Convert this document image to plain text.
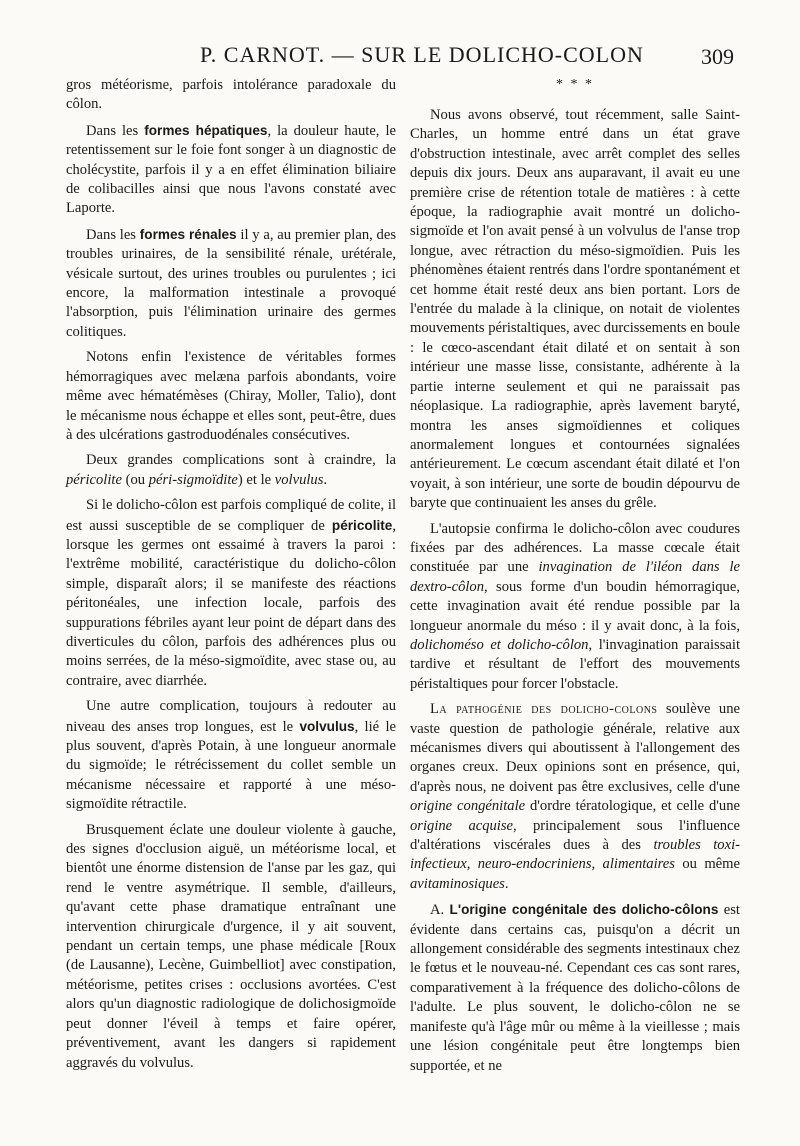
P. CARNOT. — SUR LE DOLICHO-COLON	309

gros météorisme, parfois intolérance paradoxale du côlon.

Dans les formes hépatiques, la douleur haute, le retentissement sur le foie font songer à un diagnostic de cholécystite, parfois il y a en effet élimination biliaire de colibacilles ainsi que nous l'avons constaté avec Laporte.

Dans les formes rénales il y a, au premier plan, des troubles urinaires, de la sensibilité rénale, urétérale, vésicale surtout, des urines troubles ou purulentes ; ici encore, la malformation intestinale a provoqué l'absorption, puis l'élimination urinaire des germes colitiques.

Notons enfin l'existence de véritables formes hémorragiques avec melæna parfois abondants, voire même avec hématémèses (Chiray, Moller, Talio), dont le mécanisme nous échappe et elles sont, peut-être, dues à des ulcérations gastroduodénales consécutives.

Deux grandes complications sont à craindre, la péricolite (ou péri-sigmoïdite) et le volvulus.

Si le dolicho-côlon est parfois compliqué de colite, il est aussi susceptible de se compliquer de péricolite, lorsque les germes ont essaimé à travers la paroi : l'extrême mobilité, caractéristique du dolicho-côlon simple, disparaît alors; il se manifeste des réactions péritonéales, une infection locale, parfois des suppurations fébriles ayant leur point de départ dans des diverticules du côlon, parfois des adhérences plus ou moins serrées, de la méso-sigmoïdite, avec stase ou, au contraire, avec diarrhée.

Une autre complication, toujours à redouter au niveau des anses trop longues, est le volvulus, lié le plus souvent, d'après Potain, à une longueur anormale du sigmoïde; le rétrécissement du collet semble un mécanisme nécessaire et rapporté à une méso-sigmoïdite rétractile.

Brusquement éclate une douleur violente à gauche, des signes d'occlusion aiguë, un météorisme local, et bientôt une énorme distension de l'anse par les gaz, qui rend le ventre asymétrique. Il semble, d'ailleurs, qu'avant cette phase dramatique entraînant une intervention chirurgicale d'urgence, il y ait souvent, pendant un certain temps, une phase médicale [Roux (de Lausanne), Lecène, Guimbelliot] avec constipation, météorisme, petites crises : occlusions avortées. C'est alors qu'un diagnostic radiologique de dolichosigmoïde peut donner l'éveil à temps et faire opérer, préventivement, avant les dangers si rapidement aggravés du volvulus.

* * *

Nous avons observé, tout récemment, salle Saint-Charles, un homme entré dans un état grave d'obstruction intestinale, avec arrêt complet des selles depuis dix jours. Deux ans auparavant, il avait eu une première crise de rétention totale de matières : à cette époque, la radiographie avait montré un dolicho-sigmoïde et l'on avait pensé à un volvulus de l'anse trop longue, avec rétraction du méso-sigmoïdien. Puis les phénomènes étaient rentrés dans l'ordre spontanément et cet homme était resté deux ans bien portant. Lors de l'entrée du malade à la clinique, on notait de violentes mouvements péristaltiques, avec durcissements en boule : le cœco-ascendant était dilaté et on sentait à son intérieur une masse lisse, consistante, adhérente à la partie interne seulement et qui ne paraissait pas néoplasique. La radiographie, après lavement baryté, montra les anses sigmoïdiennes et coliques anormalement longues et contournées signalées antérieurement. Le cœcum ascendant était dilaté et l'on voyait, à son intérieur, une sorte de boudin dépourvu de baryte que continuaient les anses du grêle.

L'autopsie confirma le dolicho-côlon avec coudures fixées par des adhérences. La masse cœcale était constituée par une invagination de l'iléon dans le dextro-côlon, sous forme d'un boudin hémorragique, cette invagination avait été rendue possible par la longueur anormale du méso : il y avait donc, à la fois, dolichoméso et dolicho-côlon, l'invagination paraissait tardive et résultant de l'effort des mouvements péristaltiques pour forcer l'obstacle.

La pathogénie des dolicho-colons soulève une vaste question de pathologie générale, relative aux mécanismes divers qui aboutissent à l'allongement des organes creux. Deux opinions sont en présence, qui, d'après nous, ne doivent pas être exclusives, celle d'une origine congénitale d'ordre tératologique, et celle d'une origine acquise, principalement sous l'influence d'altérations viscérales dues à des troubles toxi-infectieux, neuro-endocriniens, alimentaires ou même avitaminosiques.

A. L'origine congénitale des dolicho-côlons est évidente dans certains cas, puisqu'on a décrit un allongement considérable des segments intestinaux chez le fœtus et le nouveau-né. Cependant ces cas sont rares, comparativement à la fréquence des dolicho-côlons de l'adulte. Le plus souvent, le dolicho-côlon ne se manifeste qu'à l'âge mûr ou même à la vieillesse ; mais une lésion congénitale peut être longtemps bien supportée, et ne
